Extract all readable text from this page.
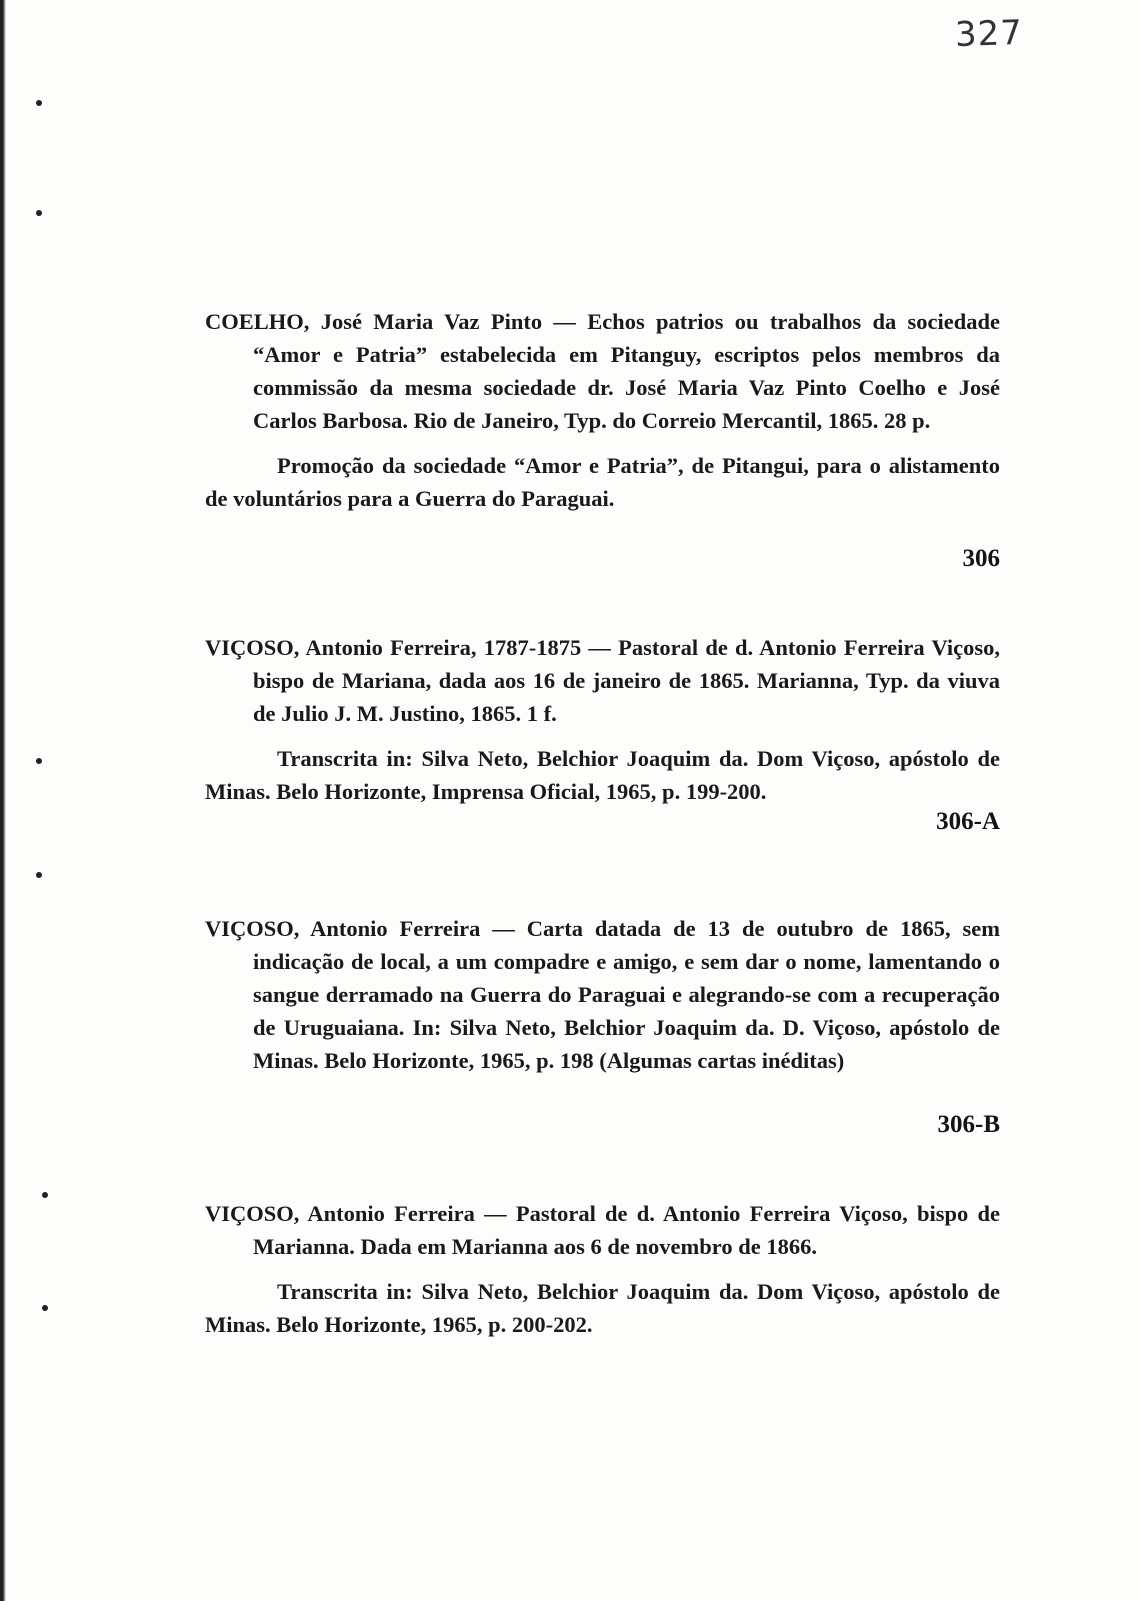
327

COELHO, José Maria Vaz Pinto — Echos patrios ou trabalhos da sociedade “Amor e Patria” estabelecida em Pitanguy, escriptos pelos membros da commissão da mesma sociedade dr. José Maria Vaz Pinto Coelho e José Carlos Barbosa. Rio de Janeiro, Typ. do Correio Mercantil, 1865. 28 p.

Promoção da sociedade “Amor e Patria”, de Pitangui, para o alistamento de voluntários para a Guerra do Paraguai.

306

VIÇOSO, Antonio Ferreira, 1787-1875 — Pastoral de d. Antonio Ferreira Viçoso, bispo de Mariana, dada aos 16 de janeiro de 1865. Marianna, Typ. da viuva de Julio J. M. Justino, 1865. 1 f.

Transcrita in: Silva Neto, Belchior Joaquim da. Dom Viçoso, apóstolo de Minas. Belo Horizonte, Imprensa Oficial, 1965, p. 199-200.

306-A

VIÇOSO, Antonio Ferreira — Carta datada de 13 de outubro de 1865, sem indicação de local, a um compadre e amigo, e sem dar o nome, lamentando o sangue derramado na Guerra do Paraguai e alegrando-se com a recuperação de Uruguaiana. In: Silva Neto, Belchior Joaquim da. D. Viçoso, apóstolo de Minas. Belo Horizonte, 1965, p. 198 (Algumas cartas inéditas)

306-B

VIÇOSO, Antonio Ferreira — Pastoral de d. Antonio Ferreira Viçoso, bispo de Marianna. Dada em Marianna aos 6 de novembro de 1866.

Transcrita in: Silva Neto, Belchior Joaquim da. Dom Viçoso, apóstolo de Minas. Belo Horizonte, 1965, p. 200-202.
